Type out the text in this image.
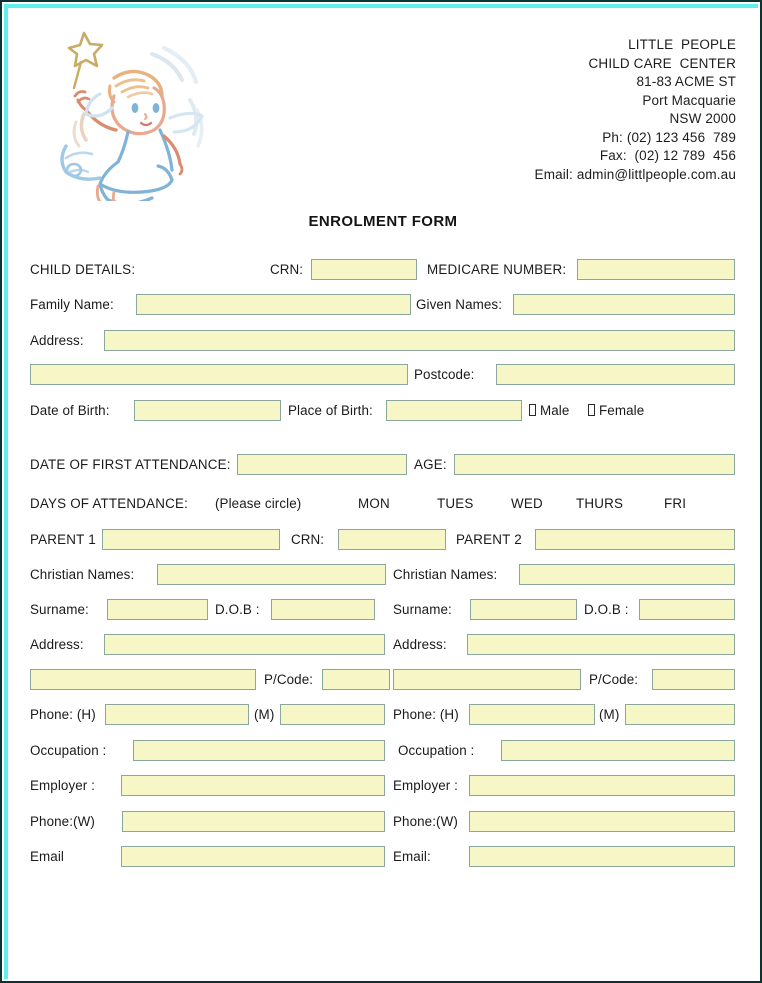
LITTLE  PEOPLE
CHILD CARE  CENTER
81-83 ACME ST
Port Macquarie
NSW 2000
Ph: (02) 123 456  789
Fax:  (02) 12 789  456
Email: admin@littlpeople.com.au
ENROLMENT FORM
CHILD DETAILS:	CRN:	MEDICARE NUMBER:
Family Name:	Given Names:
Address:
Postcode:
Date of Birth:	Place of Birth:	Male	Female
DATE OF FIRST ATTENDANCE:	AGE:
DAYS OF ATTENDANCE: (Please circle)	MON	TUES	WED THURS	FRI
PARENT 1	CRN:	PARENT 2
Christian Names:	Christian Names:
Surname:	D.O.B :	Surname:	D.O.B :
Address:	Address:
P/Code:	P/Code:
Phone: (H)	(M)	Phone: (H)	(M)
Occupation :	Occupation :
Employer :	Employer :
Phone:(W)	Phone:(W)
Email	Email:
